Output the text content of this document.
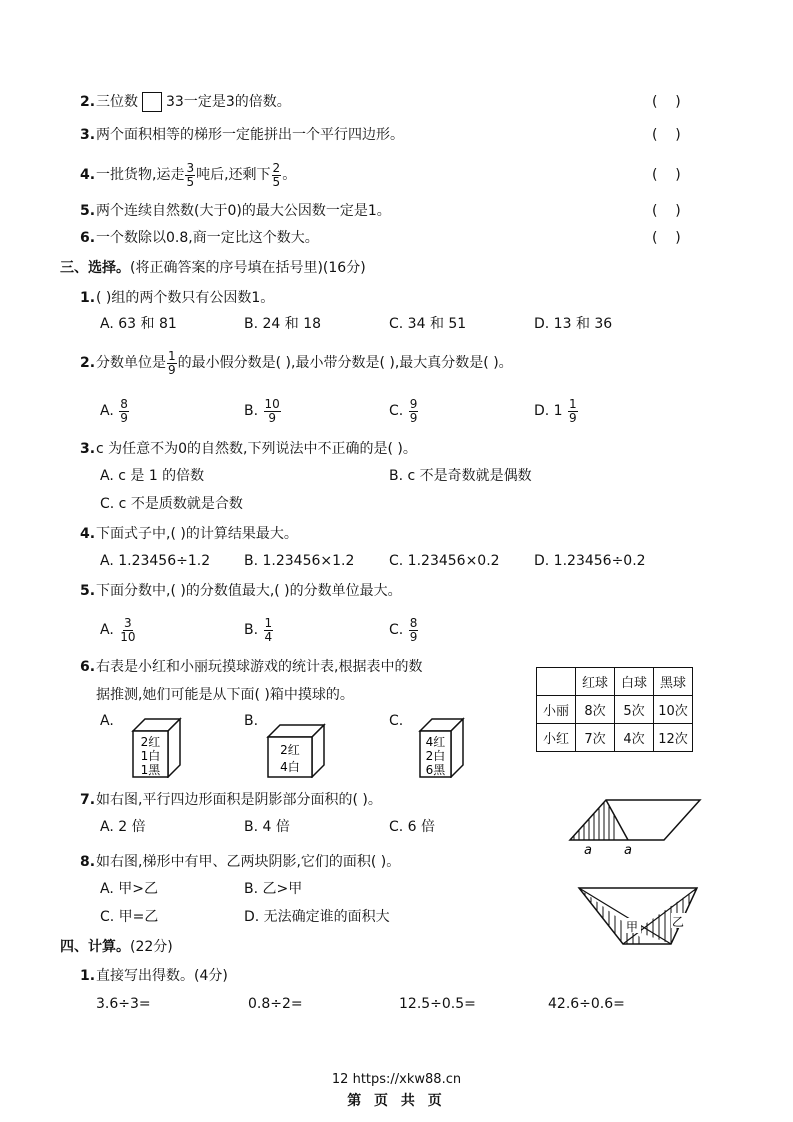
2. 三位数 33一定是3的倍数。	(    )
3. 两个面积相等的梯形一定能拼出一个平行四边形。	(    )
4. 一批货物,运走 $\frac{3}{5}$ 吨后,还剩下 $\frac{2}{5}$ 。	(    )
5. 两个连续自然数(大于0)的最大公因数一定是1。	(    )
6. 一个数除以0.8,商一定比这个数大。	(    )
三、选择。(将正确答案的序号填在括号里)(16分)
1. ( )组的两个数只有公因数1。
A. 63 和 81	B. 24 和 18	C. 34 和 51	D. 13 和 36
2. 分数单位是 $\frac{1}{9}$ 的最小假分数是( ),最小带分数是( ),最大真分数是( )。
A. $\frac{8}{9}$	B. $\frac{10}{9}$	C. $\frac{9}{9}$	D. $1 \frac{1}{9}$
3. c 为任意不为0的自然数,下列说法中不正确的是( )。
A. c 是 1 的倍数	B. c 不是奇数就是偶数
C. c 不是质数就是合数
4. 下面式子中,( )的计算结果最大。
A. 1.23456÷1.2 B. 1.23456×1.2 C. 1.23456×0.2 D. 1.23456÷0.2
5. 下面分数中,( )的分数值最大,( )的分数单位最大。
A. $\frac{3}{10}$	B. $\frac{1}{4}$	C. $\frac{8}{9}$
6. 右表是小红和小丽玩摸球游戏的统计表,根据表中的数
据推测,她们可能是从下面( )箱中摸球的。
	红球	白球	黑球
小丽	8次	5次	10次
小红	7次	4次	12次
A.
2红
1白
1黑
B.
2红
4白
C.
4红
2白
6黑
7. 如右图,平行四边形面积是阴影部分面积的( )。
A. 2 倍	B. 4 倍	C. 6 倍
a a
8. 如右图,梯形中有甲、乙两块阴影,它们的面积( )。
A. 甲>乙	B. 乙>甲
C. 甲=乙	D. 无法确定谁的面积大
甲	乙
四、计算。(22分)
1. 直接写出得数。(4分)
3.6÷3=	0.8÷2=	12.5÷0.5=	42.6÷0.6=
12 https://xkw88.cn
第 页 共 页
